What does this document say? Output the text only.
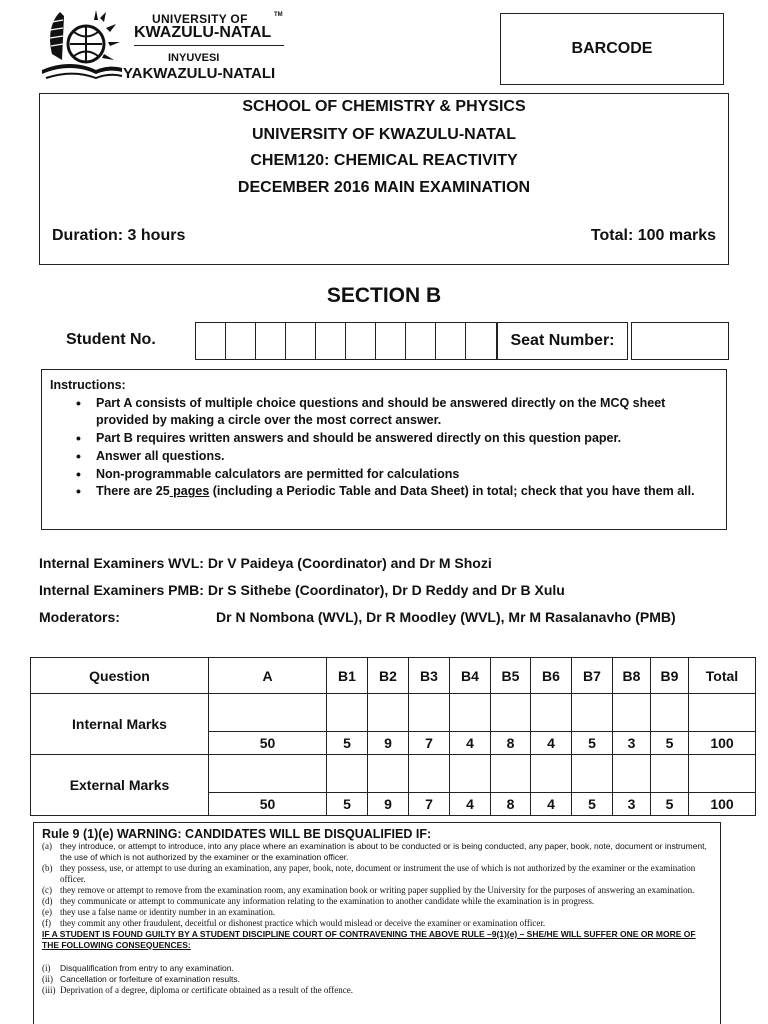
UNIVERSITY OF	TM
KWAZULU-NATAL
INYUVESI
YAKWAZULU-NATALI
BARCODE
SCHOOL OF CHEMISTRY & PHYSICS
UNIVERSITY OF KWAZULU-NATAL
CHEM120: CHEMICAL REACTIVITY
DECEMBER 2016 MAIN EXAMINATION
Duration: 3 hours	Total: 100 marks
SECTION B
Student No.	Seat Number:
Instructions:
• Part A consists of multiple choice questions and should be answered directly on the MCQ sheet provided by making a circle over the most correct answer.
• Part B requires written answers and should be answered directly on this question paper.
• Answer all questions.
• Non-programmable calculators are permitted for calculations
• There are 25 pages (including a Periodic Table and Data Sheet) in total; check that you have them all.
Internal Examiners WVL: Dr V Paideya (Coordinator) and Dr M Shozi
Internal Examiners PMB: Dr S Sithebe (Coordinator), Dr D Reddy and Dr B Xulu
Moderators:	Dr N Nombona (WVL), Dr R Moodley (WVL), Mr M Rasalanavho (PMB)
Question	A	B1	B2	B3	B4	B5	B6	B7	B8	B9	Total
Internal Marks											
	50	5	9	7	4	8	4	5	3	5	100
External Marks											
	50	5	9	7	4	8	4	5	3	5	100
Rule 9 (1)(e) WARNING: CANDIDATES WILL BE DISQUALIFIED IF:
(a) they introduce, or attempt to introduce, into any place where an examination is about to be conducted or is being conducted, any paper, book, note, document or instrument, the use of which is not authorized by the examiner or the examination officer.
(b) they possess, use, or attempt to use during an examination, any paper, book, note, document or instrument the use of which is not authorized by the examiner or the examination officer.
(c) they remove or attempt to remove from the examination room, any examination book or writing paper supplied by the University for the purposes of answering an examination.
(d) they communicate or attempt to communicate any information relating to the examination to another candidate while the examination is in progress.
(e) they use a false name or identity number in an examination.
(f)	they commit any other fraudulent, deceitful or dishonest practice which would mislead or deceive the examiner or examination officer.
IF A STUDENT IS FOUND GUILTY BY A STUDENT DISCIPLINE COURT OF CONTRAVENING THE ABOVE RULE –9(1)(e) – SHE/HE WILL SUFFER ONE OR MORE OF THE FOLLOWING CONSEQUENCES:
(i)	Disqualification from entry to any examination.
(ii) Cancellation or forfeiture of examination results.
(iii) Deprivation of a degree, diploma or certificate obtained as a result of the offence.
